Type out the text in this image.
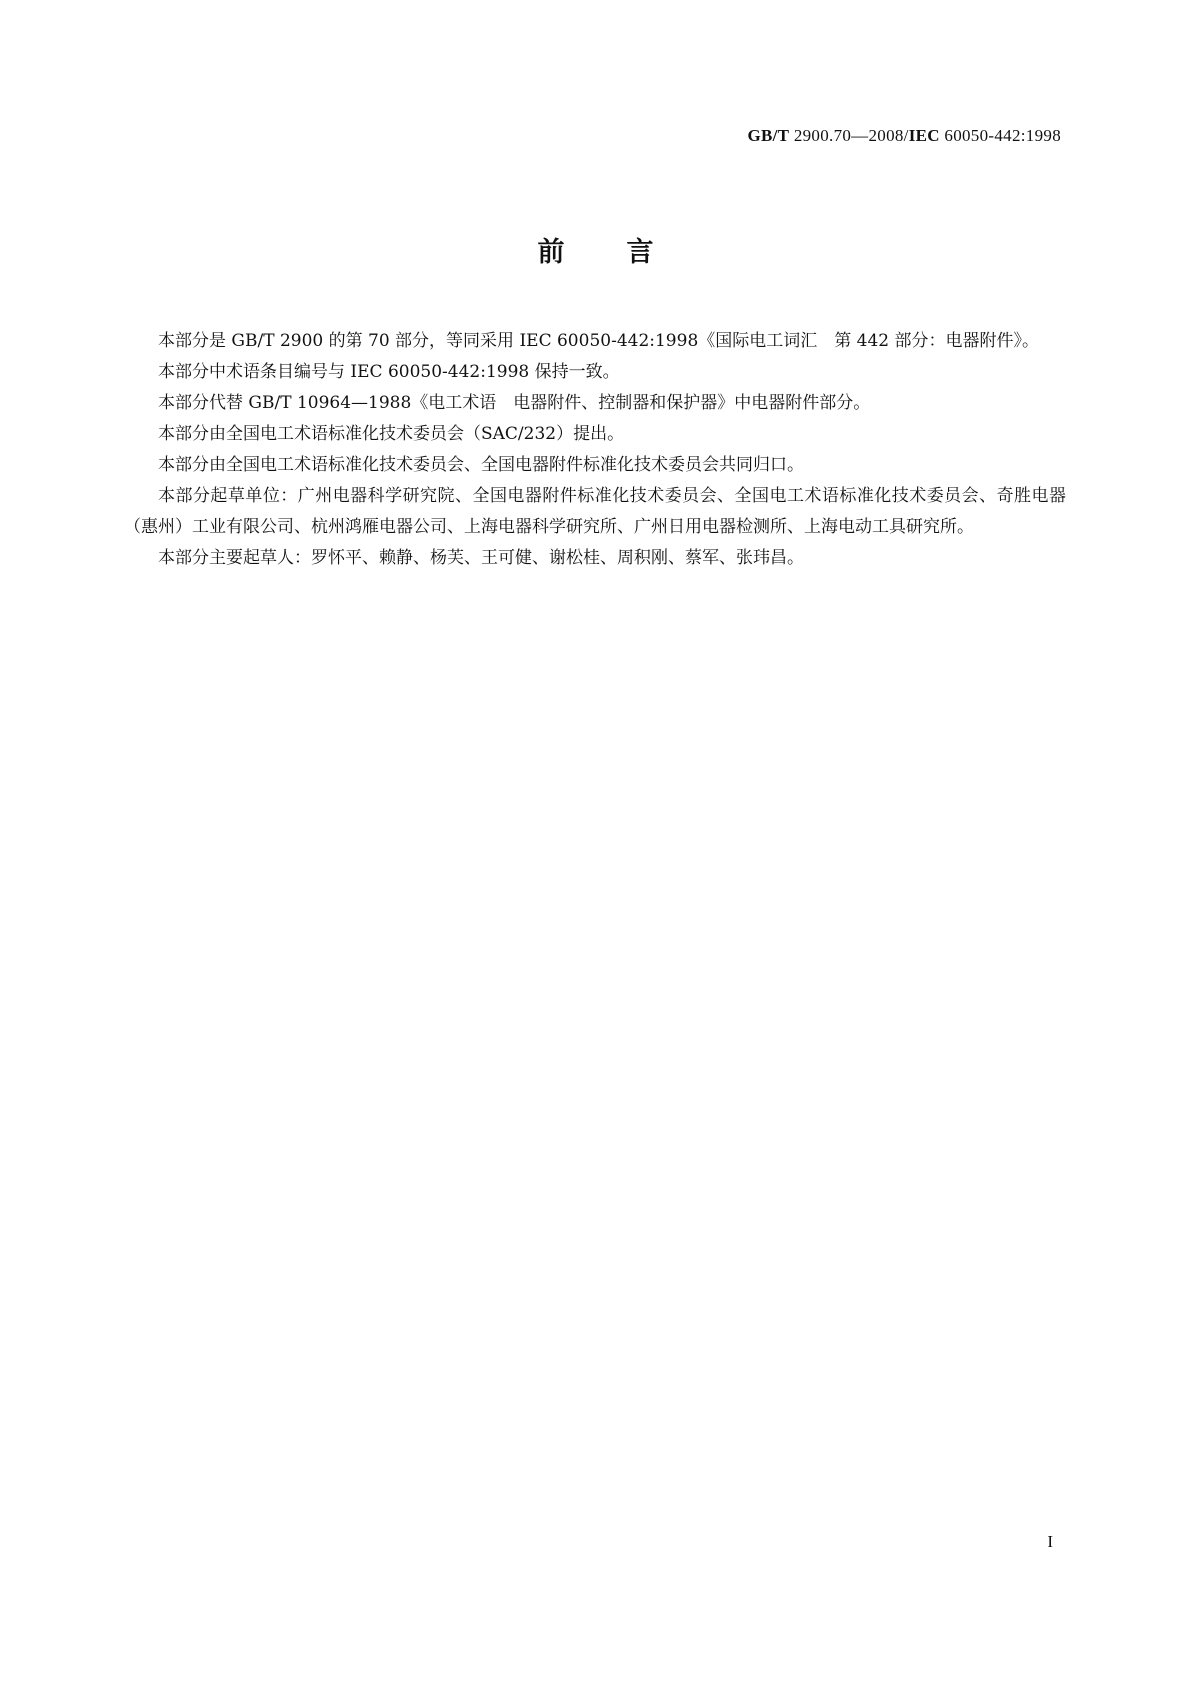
GB/T 2900.70—2008/IEC 60050-442:1998
前 言

本部分是 GB/T 2900 的第 70 部分，等同采用 IEC 60050-442:1998《国际电工词汇　第 442 部分：电器附件》。

本部分中术语条目编号与 IEC 60050-442:1998 保持一致。

本部分代替 GB/T 10964—1988《电工术语　电器附件、控制器和保护器》中电器附件部分。

本部分由全国电工术语标准化技术委员会（SAC/232）提出。

本部分由全国电工术语标准化技术委员会、全国电器附件标准化技术委员会共同归口。

本部分起草单位：广州电器科学研究院、全国电器附件标准化技术委员会、全国电工术语标准化技术委员会、奇胜电器（惠州）工业有限公司、杭州鸿雁电器公司、上海电器科学研究所、广州日用电器检测所、上海电动工具研究所。

本部分主要起草人：罗怀平、赖静、杨芙、王可健、谢松桂、周积刚、蔡军、张玮昌。

I
